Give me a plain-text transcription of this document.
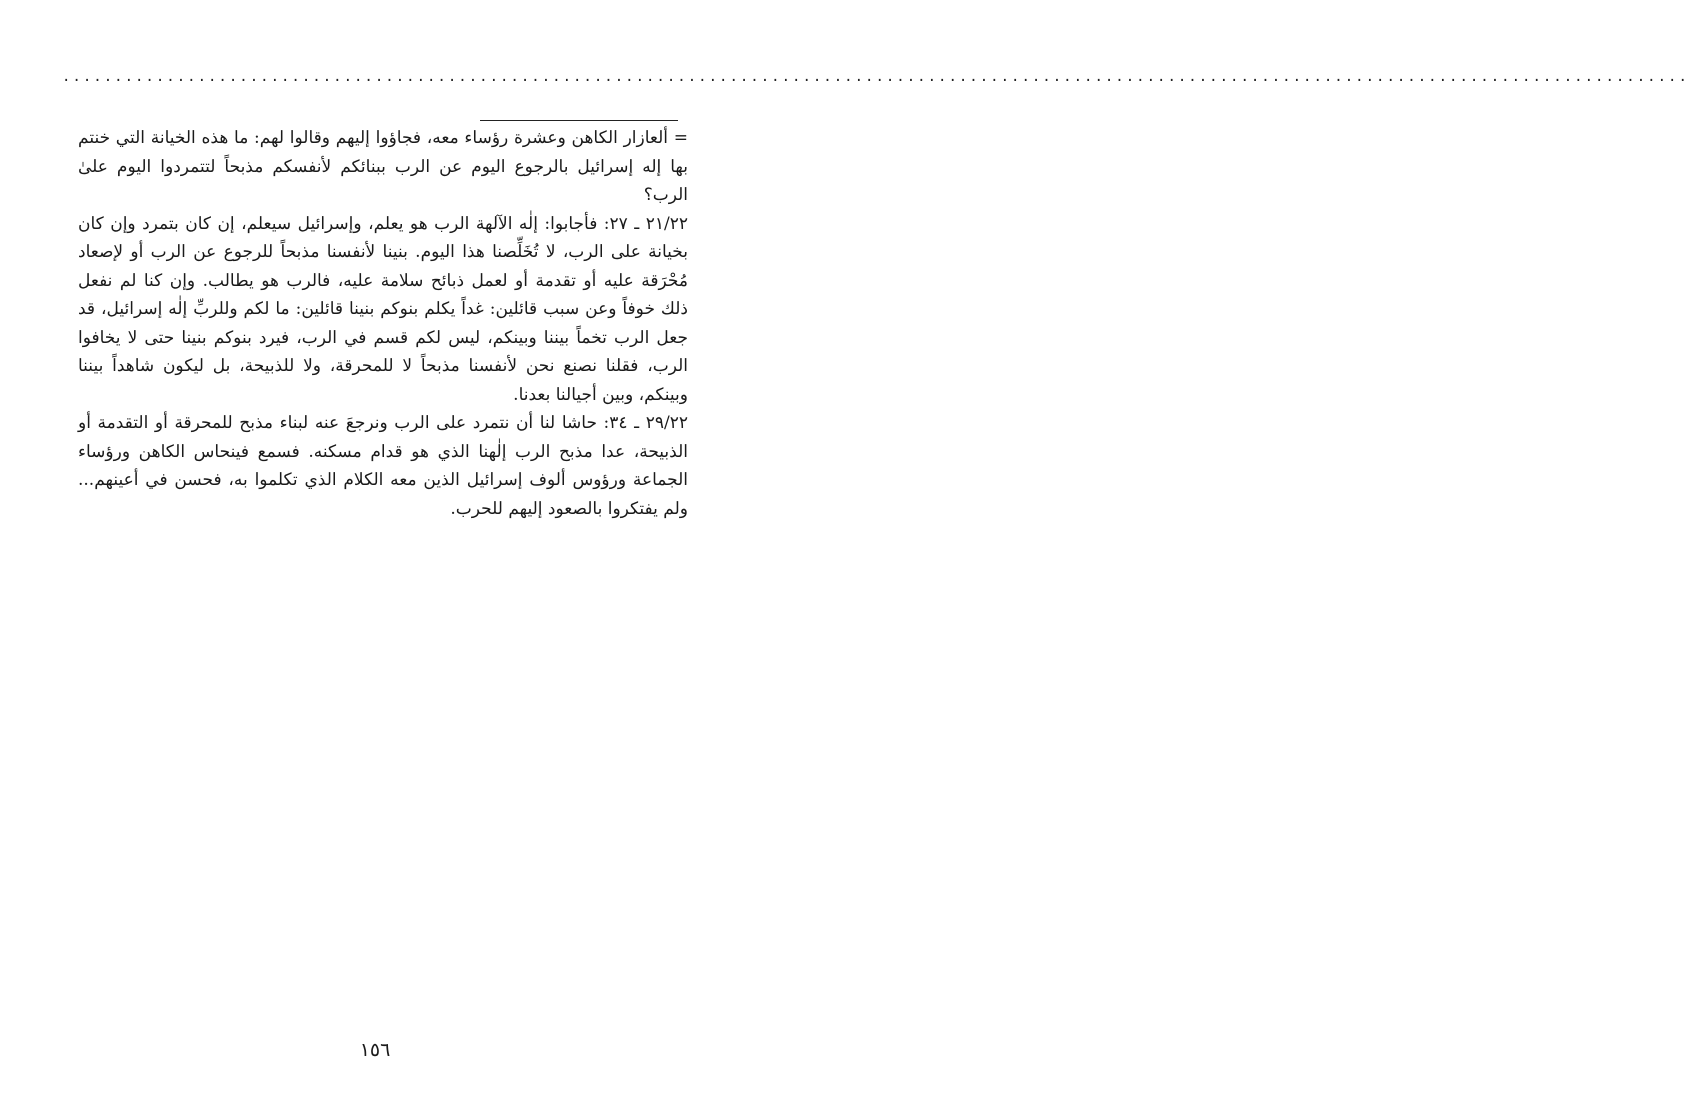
............................................................................................................................................................

= ألعازار الكاهن وعشرة رؤساء معه، فجاؤوا إليهم وقالوا لهم: ما هذه الخيانة التي خنتم بها إله إسرائيل بالرجوع اليوم عن الرب ببنائكم لأنفسكم مذبحاً لتتمردوا اليوم علىٰ الرب؟

٢١/٢٢ ـ ٢٧: فأجابوا: إلٰه الآلهة الرب هو يعلم، وإسرائيل سيعلم، إن كان بتمرد وإن كان بخيانة على الرب، لا تُخَلِّصنا هذا اليوم. بنينا لأنفسنا مذبحاً للرجوع عن الرب أو لإصعاد مُحْرَقة عليه أو تقدمة أو لعمل ذبائح سلامة عليه، فالرب هو يطالب. وإن كنا لم نفعل ذلك خوفاً وعن سبب قائلين: غداً يكلم بنوكم بنينا قائلين: ما لكم وللربِّ إلٰه إسرائيل، قد جعل الرب تخماً بيننا وبينكم، ليس لكم قسم في الرب، فيرد بنوكم بنينا حتى لا يخافوا الرب، فقلنا نصنع نحن لأنفسنا مذبحاً لا للمحرقة، ولا للذبيحة، بل ليكون شاهداً بيننا وبينكم، وبين أجيالنا بعدنا.

٢٩/٢٢ ـ ٣٤: حاشا لنا أن نتمرد على الرب ونرجعَ عنه لبناء مذبح للمحرقة أو التقدمة أو الذبيحة، عدا مذبح الرب إلٰهنا الذي هو قدام مسكنه. فسمع فينحاس الكاهن ورؤساء الجماعة ورؤوس ألوف إسرائيل الذين معه الكلام الذي تكلموا به، فحسن في أعينهم... ولم يفتكروا بالصعود إليهم للحرب.

١٥٦
